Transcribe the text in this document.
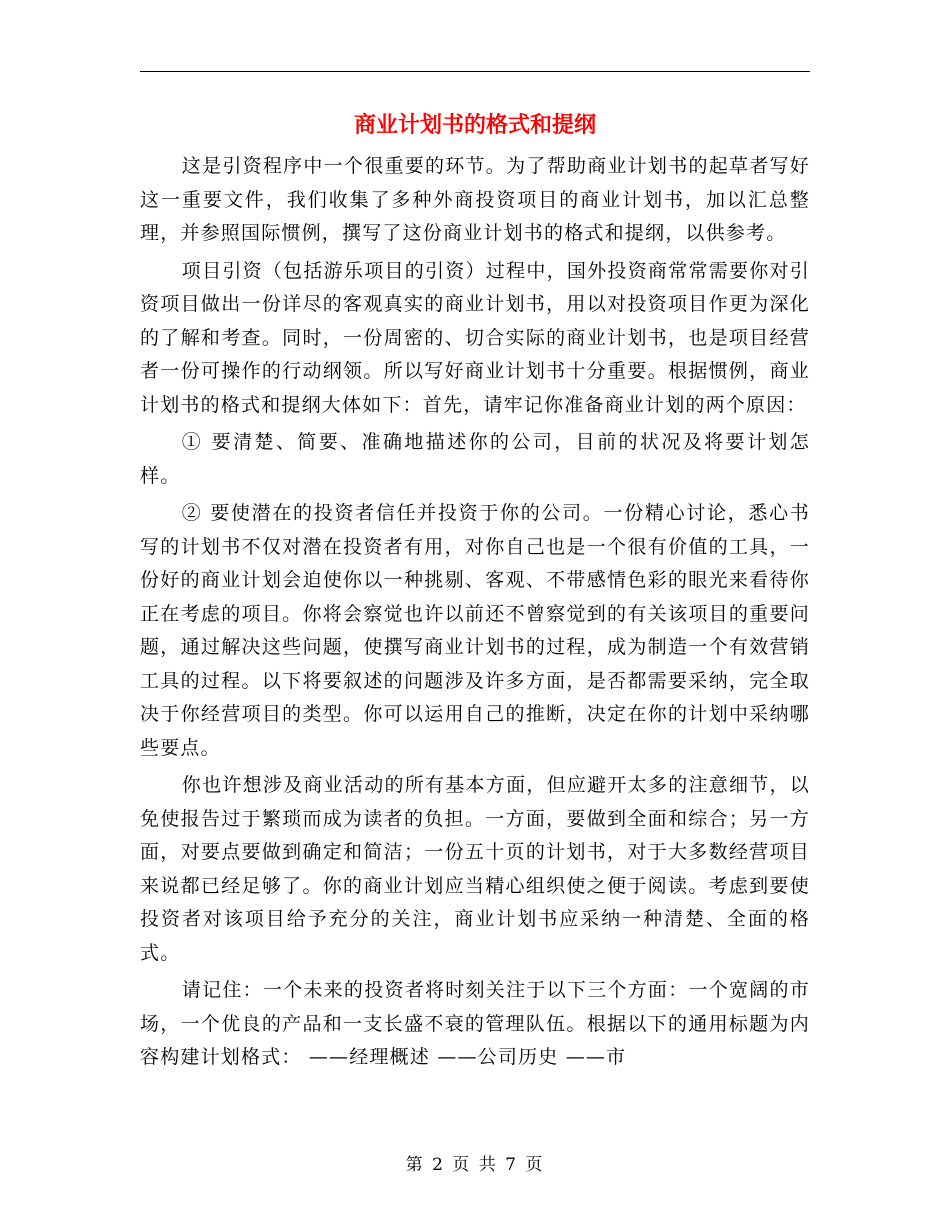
商业计划书的格式和提纲

这是引资程序中一个很重要的环节。为了帮助商业计划书的起草者写好这一重要文件，我们收集了多种外商投资项目的商业计划书，加以汇总整理，并参照国际惯例，撰写了这份商业计划书的格式和提纲，以供参考。

项目引资（包括游乐项目的引资）过程中，国外投资商常常需要你对引资项目做出一份详尽的客观真实的商业计划书，用以对投资项目作更为深化的了解和考查。同时，一份周密的、切合实际的商业计划书，也是项目经营者一份可操作的行动纲领。所以写好商业计划书十分重要。根据惯例，商业计划书的格式和提纲大体如下：首先，请牢记你准备商业计划的两个原因：

① 要清楚、简要、准确地描述你的公司，目前的状况及将要计划怎样。

② 要使潜在的投资者信任并投资于你的公司。一份精心讨论，悉心书写的计划书不仅对潜在投资者有用，对你自己也是一个很有价值的工具，一份好的商业计划会迫使你以一种挑剔、客观、不带感情色彩的眼光来看待你正在考虑的项目。你将会察觉也许以前还不曾察觉到的有关该项目的重要问题，通过解决这些问题，使撰写商业计划书的过程，成为制造一个有效营销工具的过程。以下将要叙述的问题涉及许多方面，是否都需要采纳，完全取决于你经营项目的类型。你可以运用自己的推断，决定在你的计划中采纳哪些要点。

你也许想涉及商业活动的所有基本方面，但应避开太多的注意细节，以免使报告过于繁琐而成为读者的负担。一方面，要做到全面和综合；另一方面，对要点要做到确定和简洁；一份五十页的计划书，对于大多数经营项目来说都已经足够了。你的商业计划应当精心组织使之便于阅读。考虑到要使投资者对该项目给予充分的关注，商业计划书应采纳一种清楚、全面的格式。

请记住：一个未来的投资者将时刻关注于以下三个方面：一个宽阔的市场，一个优良的产品和一支长盛不衰的管理队伍。根据以下的通用标题为内容构建计划格式： ——经理概述 ——公司历史 ——市

第 2 页 共 7 页
